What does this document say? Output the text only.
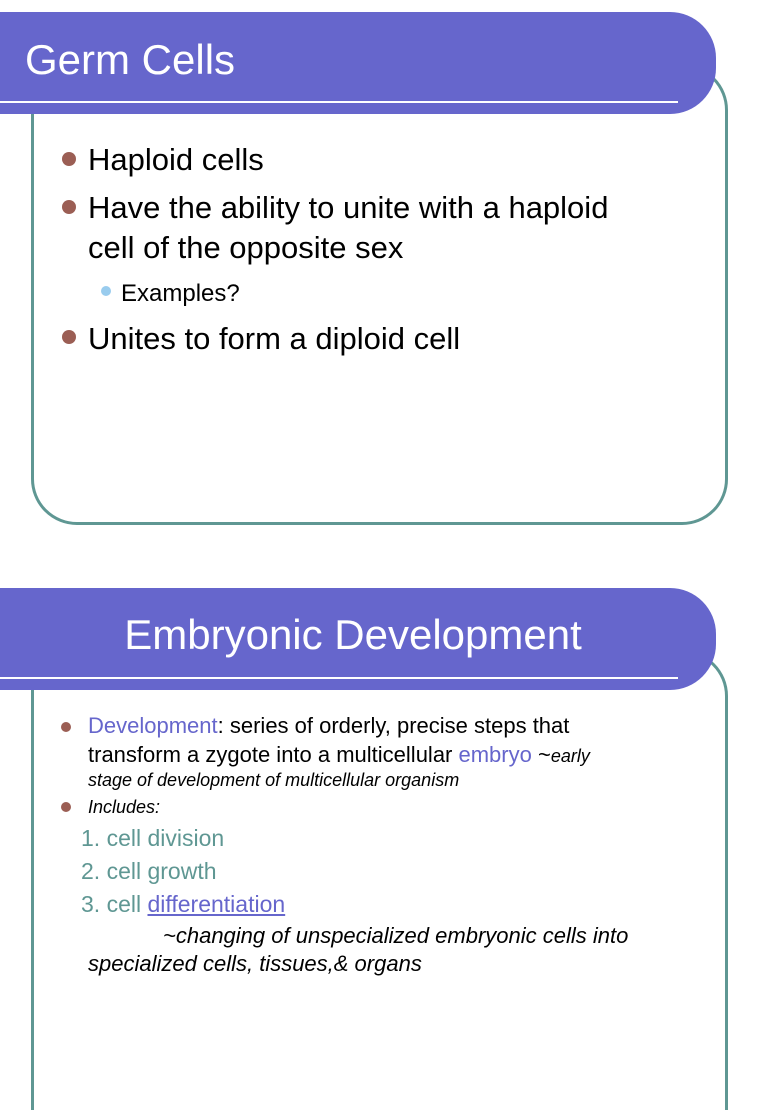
Germ Cells
Haploid cells
Have the ability to unite with a haploid
cell of the opposite sex
Examples?
Unites to form a diploid cell
Embryonic Development
Development: series of orderly, precise steps that
transform a zygote into a multicellular embryo ~early
stage of development of multicellular organism
Includes:
1. cell division
2. cell growth
3. cell differentiation
~changing of unspecialized embryonic cells into
specialized cells, tissues,& organs
